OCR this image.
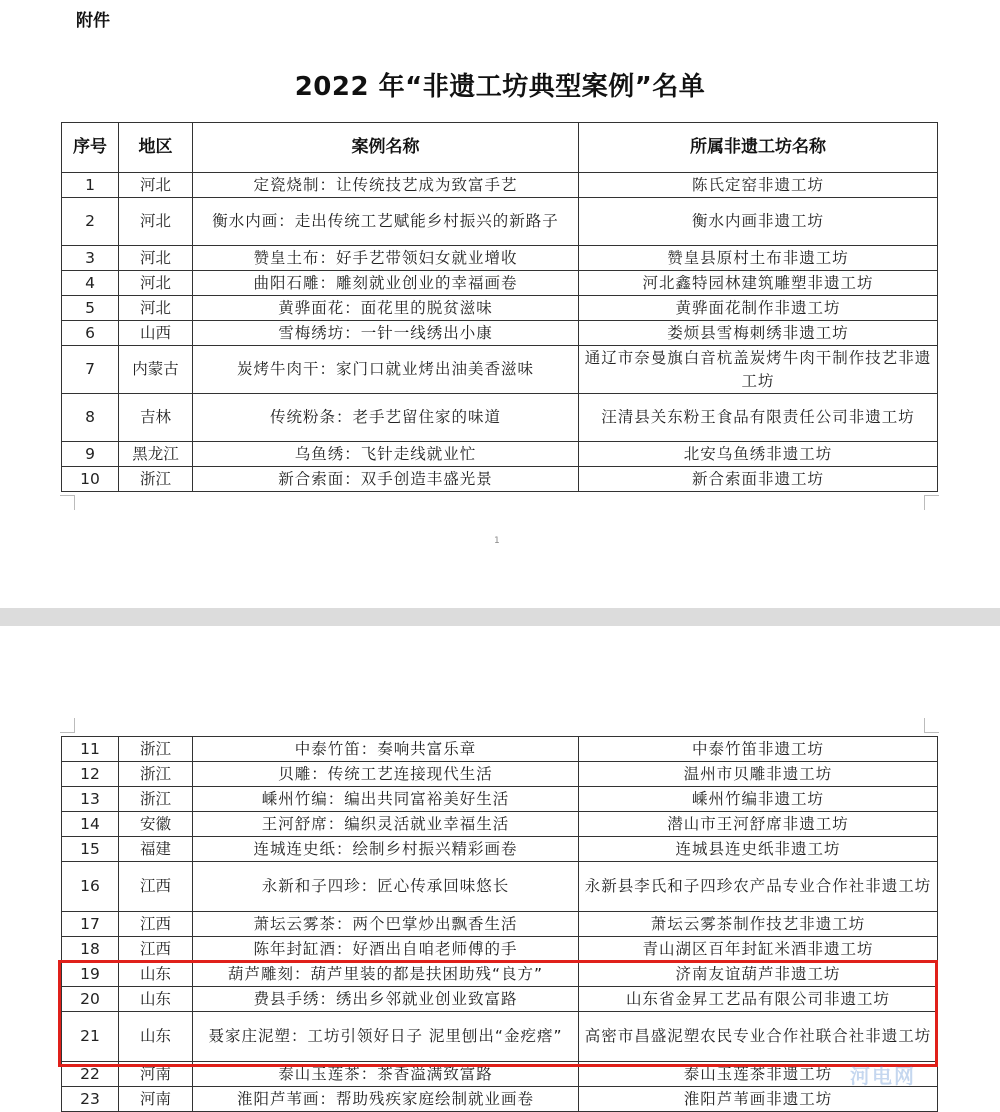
附件
2022 年“非遗工坊典型案例”名单
1
序号	地区	案例名称	所属非遗工坊名称
1	河北	定瓷烧制：让传统技艺成为致富手艺	陈氏定窑非遗工坊
2	河北	衡水内画：走出传统工艺赋能乡村振兴的新路子	衡水内画非遗工坊
3	河北	赞皇土布：好手艺带领妇女就业增收	赞皇县原村土布非遗工坊
4	河北	曲阳石雕：雕刻就业创业的幸福画卷	河北鑫特园林建筑雕塑非遗工坊
5	河北	黄骅面花：面花里的脱贫滋味	黄骅面花制作非遗工坊
6	山西	雪梅绣坊：一针一线绣出小康	娄烦县雪梅刺绣非遗工坊
7	内蒙古	炭烤牛肉干：家门口就业烤出油美香滋味	通辽市奈曼旗白音杭盖炭烤牛肉干制作技艺非遗工坊
8	吉林	传统粉条：老手艺留住家的味道	汪清县关东粉王食品有限责任公司非遗工坊
9	黑龙江	乌鱼绣：飞针走线就业忙	北安乌鱼绣非遗工坊
10	浙江	新合索面：双手创造丰盛光景	新合索面非遗工坊
11	浙江	中泰竹笛：奏响共富乐章	中泰竹笛非遗工坊
12	浙江	贝雕：传统工艺连接现代生活	温州市贝雕非遗工坊
13	浙江	嵊州竹编：编出共同富裕美好生活	嵊州竹编非遗工坊
14	安徽	王河舒席：编织灵活就业幸福生活	潜山市王河舒席非遗工坊
15	福建	连城连史纸：绘制乡村振兴精彩画卷	连城县连史纸非遗工坊
16	江西	永新和子四珍：匠心传承回味悠长	永新县李氏和子四珍农产品专业合作社非遗工坊
17	江西	萧坛云雾茶：两个巴掌炒出飘香生活	萧坛云雾茶制作技艺非遗工坊
18	江西	陈年封缸酒：好酒出自咱老师傅的手	青山湖区百年封缸米酒非遗工坊
19	山东	葫芦雕刻：葫芦里装的都是扶困助残“良方”	济南友谊葫芦非遗工坊
20	山东	费县手绣：绣出乡邻就业创业致富路	山东省金昇工艺品有限公司非遗工坊
21	山东	聂家庄泥塑：工坊引领好日子 泥里刨出“金疙瘩”	高密市昌盛泥塑农民专业合作社联合社非遗工坊
22	河南	泰山玉莲茶：茶香溢满致富路	泰山玉莲茶非遗工坊
23	河南	淮阳芦苇画：帮助残疾家庭绘制就业画卷	淮阳芦苇画非遗工坊
河电网
